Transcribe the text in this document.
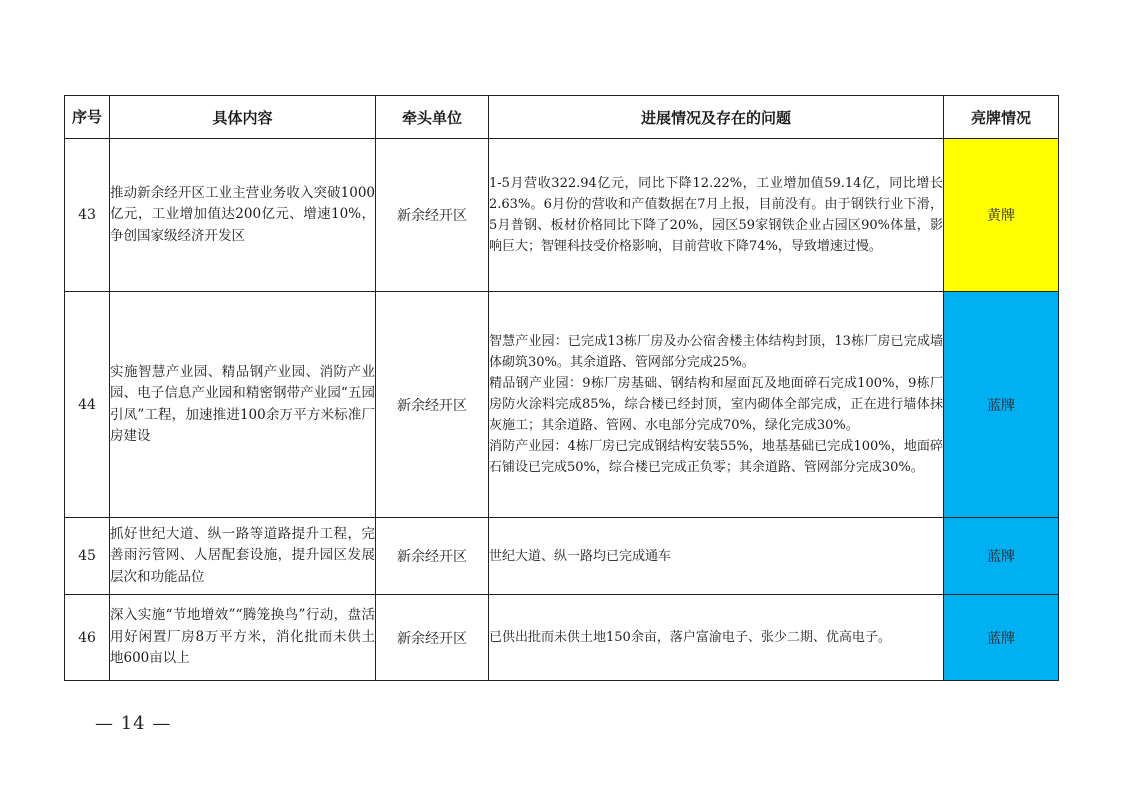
序号	具体内容	牵头单位	进展情况及存在的问题	亮牌情况
43	推动新余经开区工业主营业务收入突破1000亿元，工业增加值达200亿元、增速10%，争创国家级经济开发区	新余经开区	1-5月营收322.94亿元，同比下降12.22%，工业增加值59.14亿，同比增长2.63%。6月份的营收和产值数据在7月上报，目前没有。由于钢铁行业下滑，5月普钢、板材价格同比下降了20%，园区59家钢铁企业占园区90%体量，影响巨大；智锂科技受价格影响，目前营收下降74%，导致增速过慢。	黄牌
44	实施智慧产业园、精品钢产业园、消防产业园、电子信息产业园和精密钢带产业园“五园引凤”工程，加速推进100余万平方米标准厂房建设	新余经开区	智慧产业园：已完成13栋厂房及办公宿舍楼主体结构封顶，13栋厂房已完成墙体砌筑30%。其余道路、管网部分完成25%。

精品钢产业园：9栋厂房基础、钢结构和屋面瓦及地面碎石完成100%，9栋厂房防火涂料完成85%，综合楼已经封顶，室内砌体全部完成，正在进行墙体抹灰施工；其余道路、管网、水电部分完成70%，绿化完成30%。

消防产业园：4栋厂房已完成钢结构安装55%，地基基础已完成100%，地面碎石铺设已完成50%，综合楼已完成正负零；其余道路、管网部分完成30%。	蓝牌
45	抓好世纪大道、纵一路等道路提升工程，完善雨污管网、人居配套设施，提升园区发展层次和功能品位	新余经开区	世纪大道、纵一路均已完成通车	蓝牌
46	深入实施“节地增效”“腾笼换鸟”行动，盘活用好闲置厂房8万平方米，消化批而未供土地600亩以上	新余经开区	已供出批而未供土地150余亩，落户富渝电子、张少二期、优高电子。	蓝牌
— 14 —
